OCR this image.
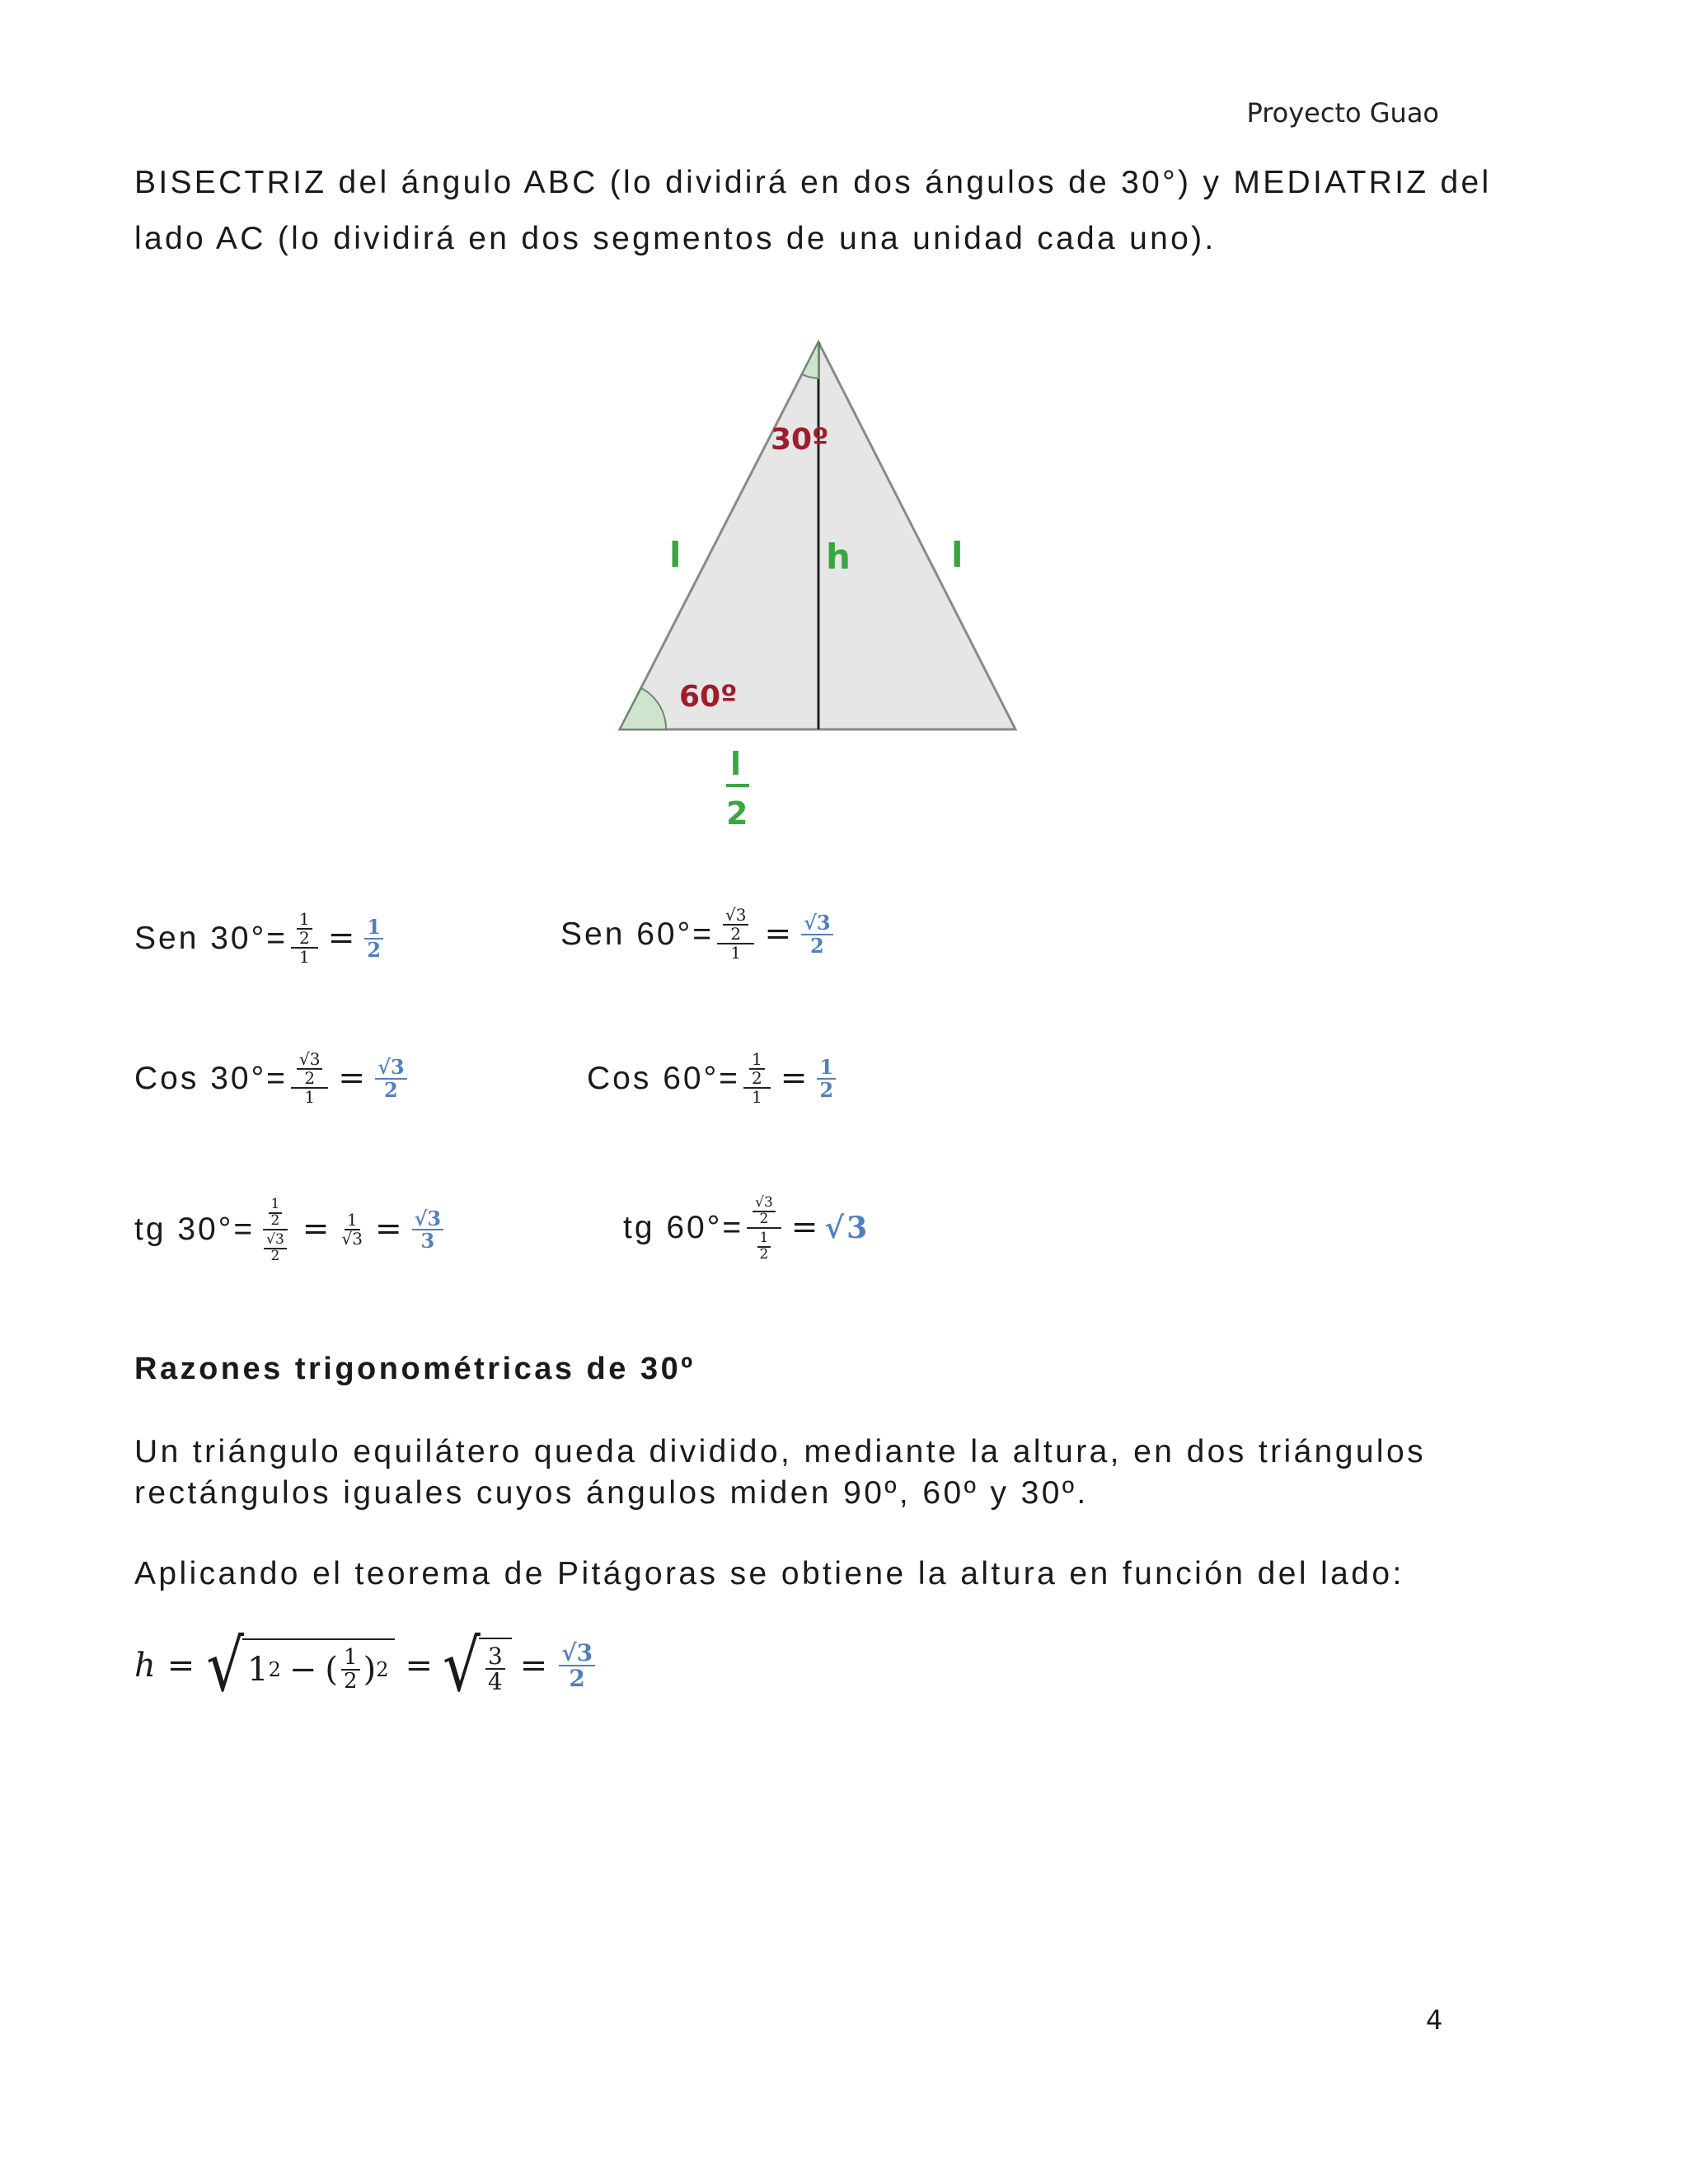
Proyecto Guao
BISECTRIZ del ángulo ABC (lo dividirá en dos ángulos de 30°) y MEDIATRIZ del
lado AC (lo dividirá en dos segmentos de una unidad cada uno).
30º
60º
l	h	l
l
2
Sen $30^\circ= \frac{\frac{1}{2}}{1} = \frac{1}{2}$	Sen $60^\circ= \frac{\frac{√3}{2}}{1} = \frac{√3}{2}$
Cos $30^\circ= \frac{\frac{√3}{2}}{1} = \frac{√3}{2}$	Cos $60^\circ= \frac{\frac{1}{2}}{1} = \frac{1}{2}$
tg $30^\circ= \frac{\frac{1}{2}}{\frac{√3}{2}} = \frac{1}{√3} = \frac{√3}{3}$	tg $60^\circ= \frac{\frac{√3}{2}}{\frac{1}{2}} = √3$
Razones trigonométricas de 30º
Un triángulo equilátero queda dividido, mediante la altura, en dos triángulos
rectángulos iguales cuyos ángulos miden 90º, 60º y 30º.
Aplicando el teorema de Pitágoras se obtiene la altura en función del lado:
h = √ 1 2 − ( $\frac{1}{2}$ ) 2 = √ $\frac{3}{4} = \frac{√3}{2}$
4
